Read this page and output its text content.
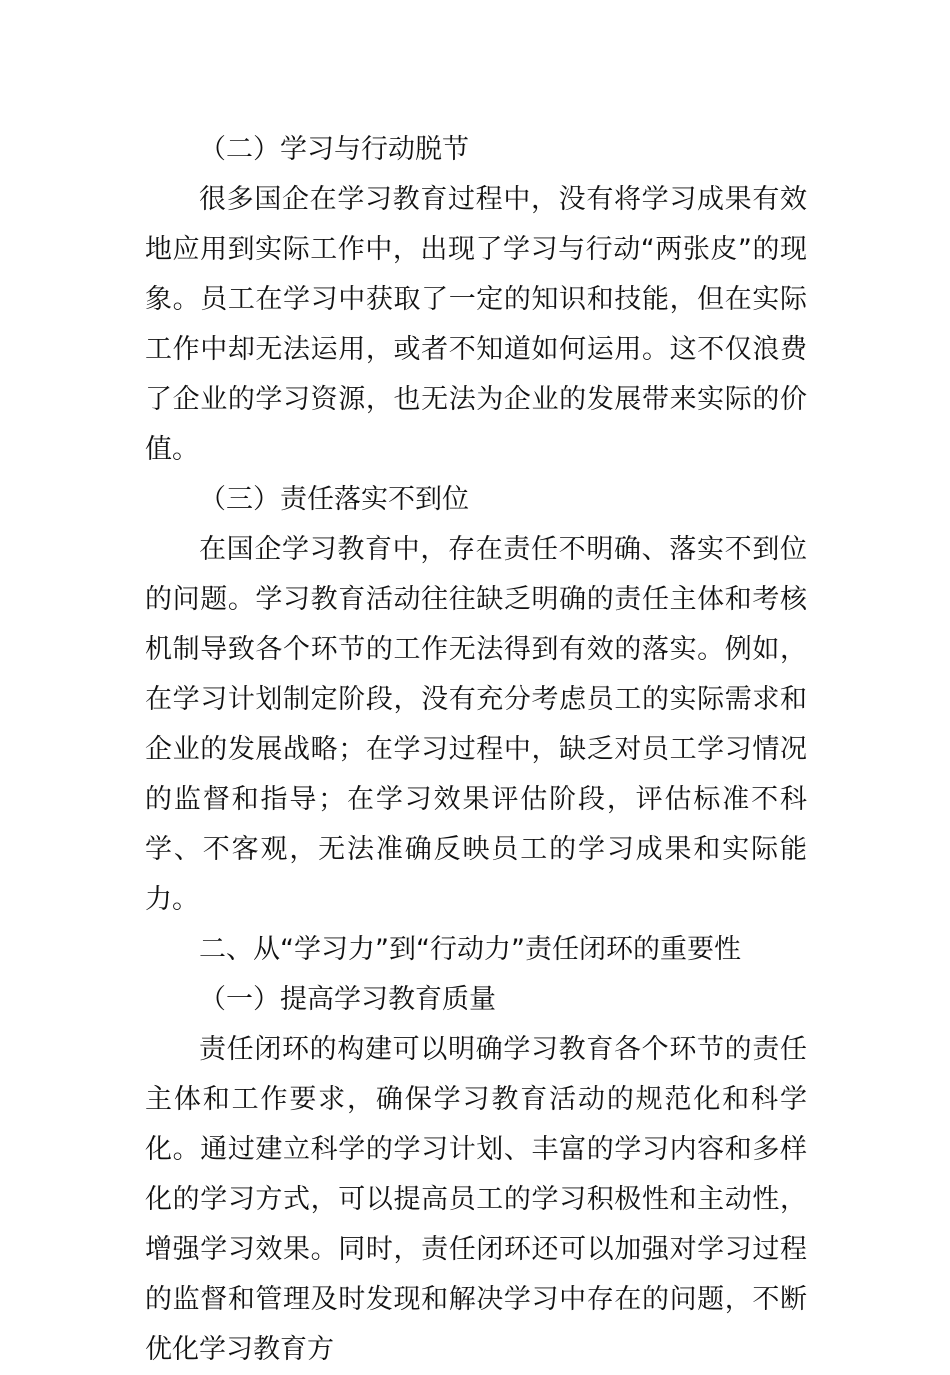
（二）学习与行动脱节

很多国企在学习教育过程中，没有将学习成果有效地应用到实际工作中，出现了学习与行动“两张皮”的现象。员工在学习中获取了一定的知识和技能，但在实际工作中却无法运用，或者不知道如何运用。这不仅浪费了企业的学习资源，也无法为企业的发展带来实际的价值。

（三）责任落实不到位

在国企学习教育中，存在责任不明确、落实不到位的问题。学习教育活动往往缺乏明确的责任主体和考核机制导致各个环节的工作无法得到有效的落实。例如，在学习计划制定阶段，没有充分考虑员工的实际需求和企业的发展战略；在学习过程中，缺乏对员工学习情况的监督和指导；在学习效果评估阶段，评估标准不科学、不客观，无法准确反映员工的学习成果和实际能力。

二、从“学习力”到“行动力”责任闭环的重要性

（一）提高学习教育质量

责任闭环的构建可以明确学习教育各个环节的责任主体和工作要求，确保学习教育活动的规范化和科学化。通过建立科学的学习计划、丰富的学习内容和多样化的学习方式，可以提高员工的学习积极性和主动性，增强学习效果。同时，责任闭环还可以加强对学习过程的监督和管理及时发现和解决学习中存在的问题，不断优化学习教育方
